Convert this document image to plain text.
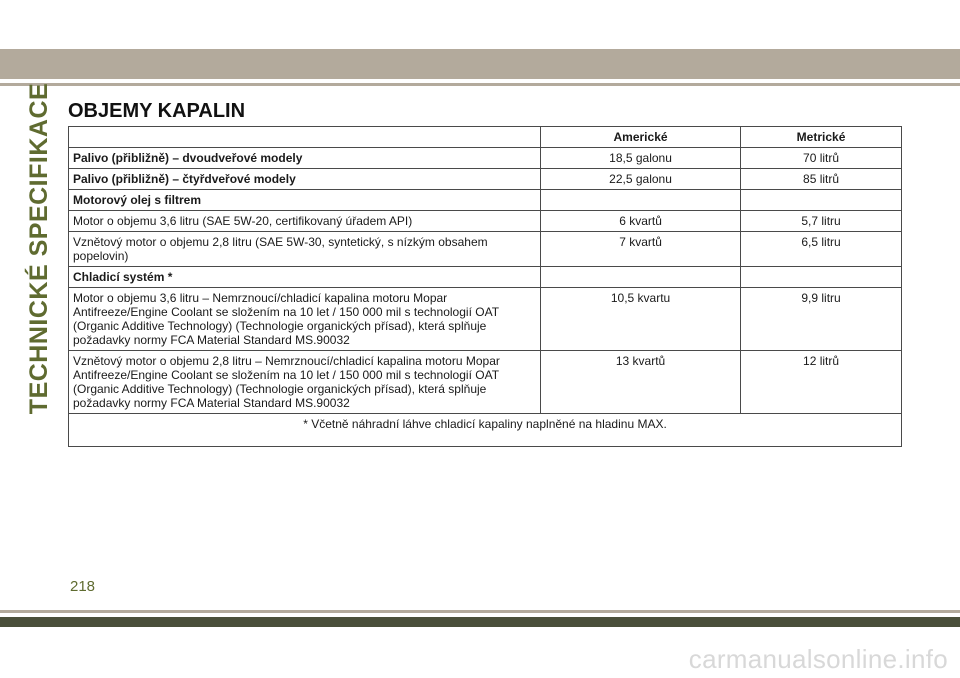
TECHNICKÉ SPECIFIKACE OBJEMY KAPALIN
	Americké	Metrické
Palivo (přibližně) – dvoudveřové modely	18,5 galonu	70 litrů
Palivo (přibližně) – čtyřdveřové modely	22,5 galonu	85 litrů
Motorový olej s filtrem		
Motor o objemu 3,6 litru (SAE 5W-20, certifikovaný úřadem API)	6 kvartů	5,7 litru
Vznětový motor o objemu 2,8 litru (SAE 5W-30, syntetický, s nízkým obsahem popelovin)	7 kvartů	6,5 litru
Chladicí systém *		
Motor o objemu 3,6 litru – Nemrznoucí/chladicí kapalina motoru Mopar Antifreeze/Engine Coolant se složením na 10 let / 150 000 mil s technologií OAT (Organic Additive Technology) (Technologie organických přísad), která splňuje požadavky normy FCA Material Standard MS.90032	10,5 kvartu	9,9 litru
Vznětový motor o objemu 2,8 litru – Nemrznoucí/chladicí kapalina motoru Mopar Antifreeze/Engine Coolant se složením na 10 let / 150 000 mil s technologií OAT (Organic Additive Technology) (Technologie organických přísad), která splňuje požadavky normy FCA Material Standard MS.90032	13 kvartů	12 litrů
* Včetně náhradní láhve chladicí kapaliny naplněné na hladinu MAX.		
218
carmanualsonline.info
